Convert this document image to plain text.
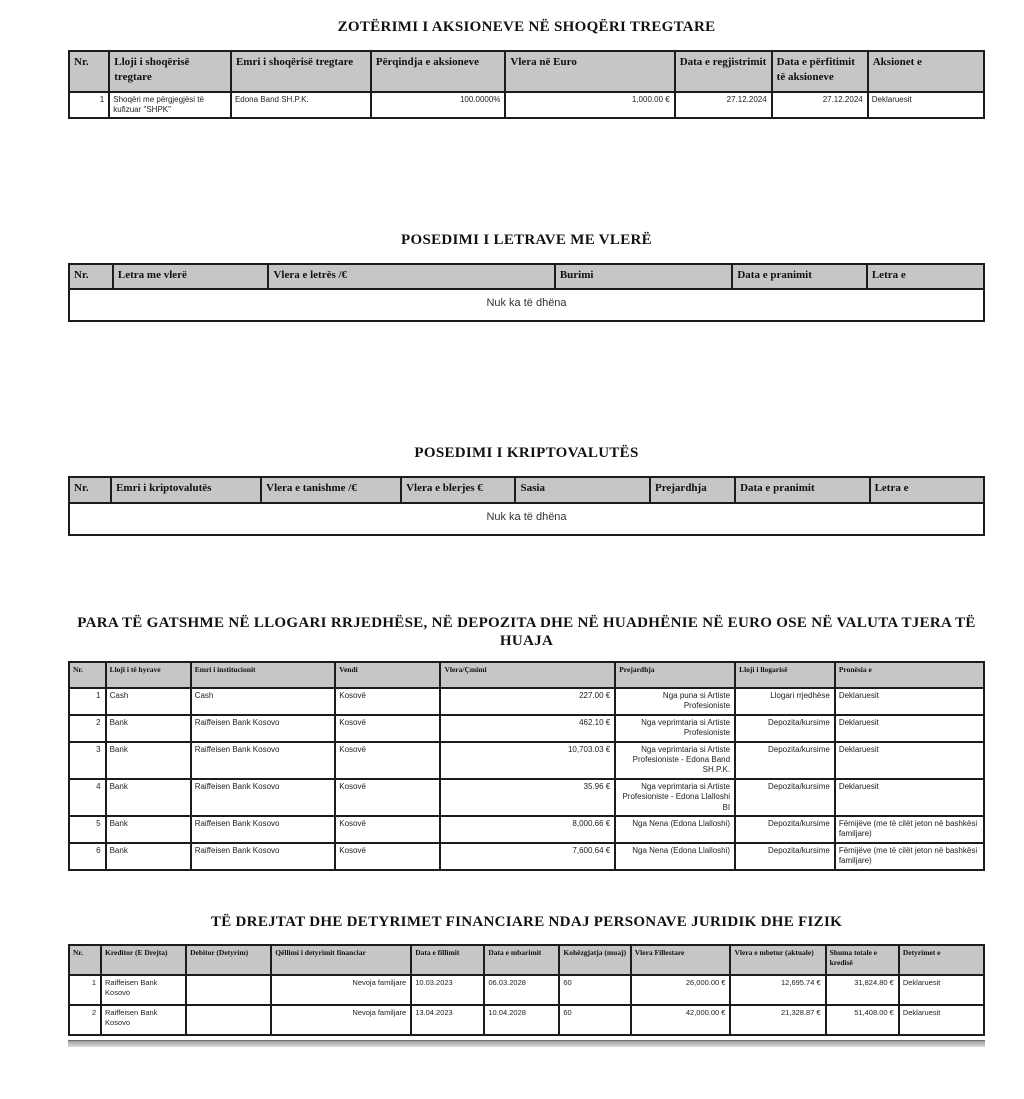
ZOTËRIMI I AKSIONEVE NË SHOQËRI TREGTARE
Nr.	Lloji i shoqërisë tregtare	Emri i shoqërisë tregtare	Përqindja e aksioneve	Vlera në Euro	Data e regjistrimit	Data e përfitimit të aksioneve	Aksionet e
1	Shoqëri me përgjegjësi të kufizuar "SHPK"	Edona Band SH.P.K.	100.0000%	1,000.00 €	27.12.2024	27.12.2024	Deklaruesit
POSEDIMI I LETRAVE ME VLERË
Nr.	Letra me vlerë	Vlera e letrës /€	Burimi	Data e pranimit	Letra e
Nuk ka të dhëna
POSEDIMI I KRIPTOVALUTËS
Nr.	Emri i kriptovalutës	Vlera e tanishme /€	Vlera e blerjes €	Sasia	Prejardhja	Data e pranimit	Letra e
Nuk ka të dhëna
PARA TË GATSHME NË LLOGARI RRJEDHËSE, NË DEPOZITA DHE NË HUADHËNIE NË EURO OSE NË VALUTA TJERA TË HUAJA
Nr.	Lloji i të hyrave	Emri i institucionit	Vendi	Vlera/Çmimi	Prejardhja	Lloji i llogarisë	Pronësia e
1	Cash	Cash	Kosovë	227.00 €	Nga puna si Artiste Profesioniste	Llogari rrjedhëse	Deklaruesit
2	Bank	Raiffeisen Bank Kosovo	Kosovë	462.10 €	Nga veprimtaria si Artiste Profesioniste	Depozita/kursime	Deklaruesit
3	Bank	Raiffeisen Bank Kosovo	Kosovë	10,703.03 €	Nga veprimtaria si Artiste Profesioniste - Edona Band SH.P.K.	Depozita/kursime	Deklaruesit
4	Bank	Raiffeisen Bank Kosovo	Kosovë	35.96 €	Nga veprimtaria si Artiste Profesioniste - Edona Llalloshi BI	Depozita/kursime	Deklaruesit
5	Bank	Raiffeisen Bank Kosovo	Kosovë	8,000.66 €	Nga Nena (Edona Llalloshi)	Depozita/kursime	Fëmijëve (me të cilët jeton në bashkësi familjare)
6	Bank	Raiffeisen Bank Kosovo	Kosovë	7,600.64 €	Nga Nena (Edona Llalloshi)	Depozita/kursime	Fëmijëve (me të cilët jeton në bashkësi familjare)
TË DREJTAT DHE DETYRIMET FINANCIARE NDAJ PERSONAVE JURIDIK DHE FIZIK
Nr.	Kreditor (E Drejta)	Debitor (Detyrim)	Qëllimi i detyrimit financiar	Data e fillimit	Data e mbarimit	Kohëzgjatja (muaj)	Vlera Fillestare	Vlera e mbetur (aktuale)	Shuma totale e kredisë	Detyrimet e
1	Raiffeisen Bank Kosovo		Nevoja familjare	10.03.2023	06.03.2028	60	26,000.00 €	12,695.74 €	31,824.80 €	Deklaruesit
2	Raiffeisen Bank Kosovo		Nevoja familjare	13.04.2023	10.04.2028	60	42,000.00 €	21,328.87 €	51,408.00 €	Deklaruesit
